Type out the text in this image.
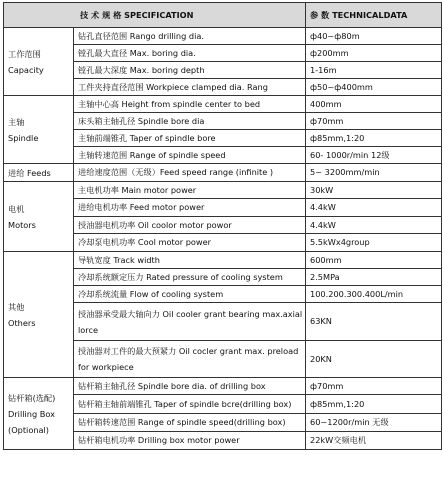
技 术 规 格 SPECIFICATION		参 数 TECHNICALDATA

工作范围
Capacity	钻孔直径范围 Rango drilling dia.	ф40~ф80m
	镗孔最大直径 Max. boring dia.	ф200mm
	镗孔最大深度 Max. boring depth	1-16m
	工件夹持直径范围 Workpiece clamped dia. Rang	ф50~ф400mm

主轴
Spindle	主轴中心高 Height from spindle center to bed	400mm
	床头箱主轴孔径 Spindle bore dia	ф70mm
	主轴前端锥孔 Taper of spindle bore	ф85mm,1:20
	主轴转速范围 Range of spindle speed	60- 1000r/min 12级

进给 Feeds	进给速度范围（无级）Feed speed range (infinite )	5~ 3200mm/min

电机
Motors	主电机功率 Main motor power	30kW
	进给电机功率 Feed motor power	4.4kW
	授油器电机功率 Oil coolor motor powor	4.4kW
	冷却泵电机功率 Cool motor power	5.5kWx4group

其他
Others	导轨宽度 Track width	600mm
	冷却系统额定压力 Rated pressure of cooling system	2.5MPa
	冷却系统流量 Flow of cooling system	100.200.300.400L/min
	授油器承受最大轴向力 Oil cooler grant bearing max.axial lorce	63KN
	授油器对工件的最大预紧力 Oil cocler grant max. preload for workpiece	20KN

钻杆箱(选配)
Drilling Box
(Optional)	钻杆箱主轴孔径 Spindle bore dia. of drilling box	ф70mm
	钻杆箱主轴前端锥孔 Taper of spindle bcre(drilling box)	ф85mm,1:20
	钻杆箱转速范围 Range of spindle speed(drilling box)	60~1200r/min 无级
	钻杆箱电机功率 Drilling box motor power	22kW交频电机
